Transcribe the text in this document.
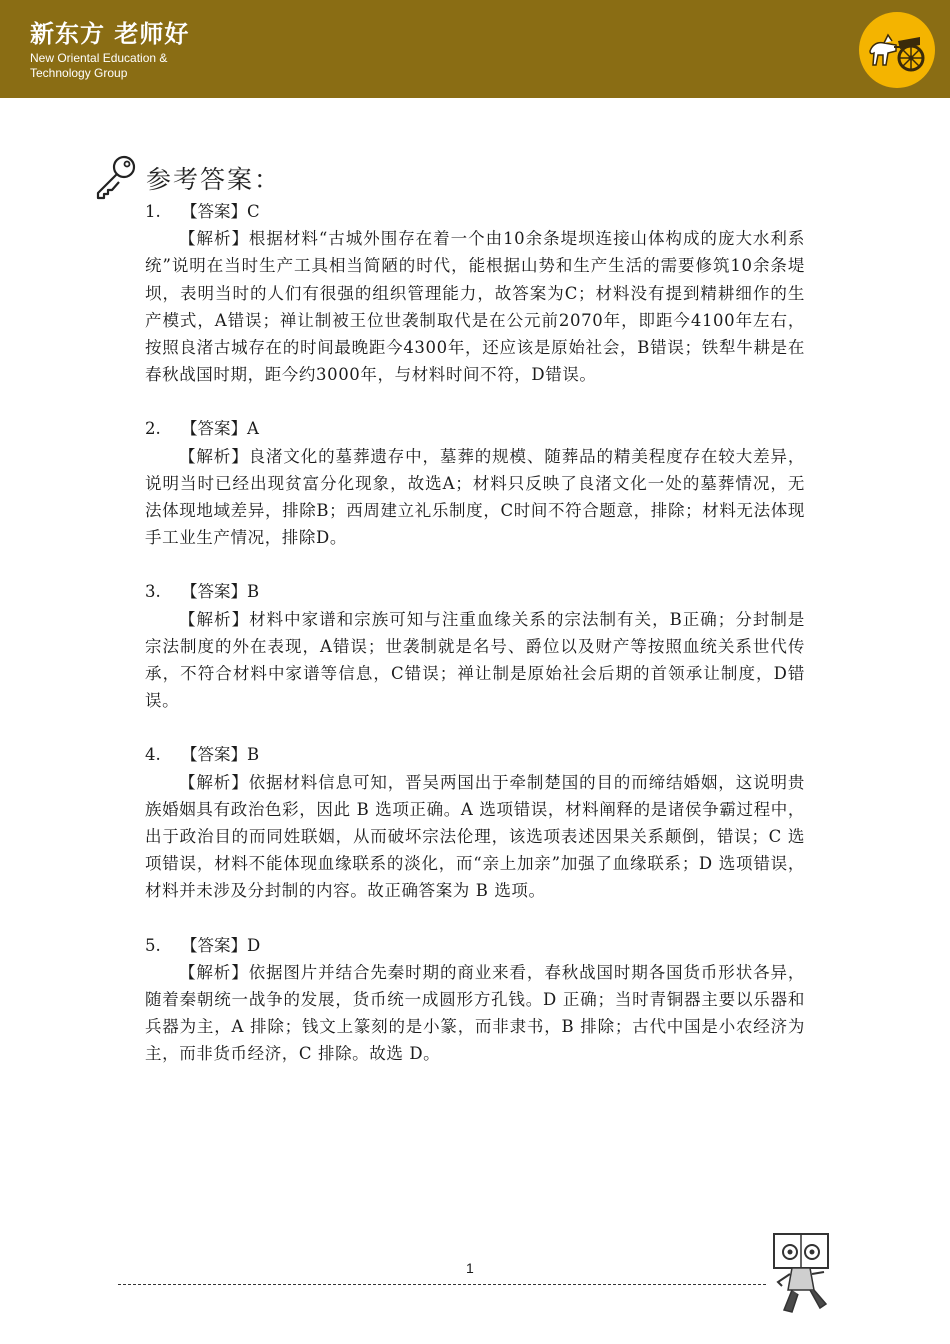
新东方 老师好
New Oriental Education &
Technology Group
参考答案：
1. 【答案】C
【解析】根据材料“古城外围存在着一个由10余条堤坝连接山体构成的庞大水利系统”说明在当时生产工具相当简陋的时代，能根据山势和生产生活的需要修筑10余条堤坝，表明当时的人们有很强的组织管理能力，故答案为C；材料没有提到精耕细作的生产模式，A错误；禅让制被王位世袭制取代是在公元前2070年，即距今4100年左右，按照良渚古城存在的时间最晚距今4300年，还应该是原始社会，B错误；铁犁牛耕是在春秋战国时期，距今约3000年，与材料时间不符，D错误。
2. 【答案】A
【解析】良渚文化的墓葬遗存中，墓葬的规模、随葬品的精美程度存在较大差异，说明当时已经出现贫富分化现象，故选A；材料只反映了良渚文化一处的墓葬情况，无法体现地域差异，排除B；西周建立礼乐制度，C时间不符合题意，排除；材料无法体现手工业生产情况，排除D。
3. 【答案】B
【解析】材料中家谱和宗族可知与注重血缘关系的宗法制有关，B正确；分封制是宗法制度的外在表现，A错误；世袭制就是名号、爵位以及财产等按照血统关系世代传承，不符合材料中家谱等信息，C错误；禅让制是原始社会后期的首领承让制度，D错误。
4. 【答案】B
【解析】依据材料信息可知，晋吴两国出于牵制楚国的目的而缔结婚姻，这说明贵族婚姻具有政治色彩，因此 B 选项正确。A 选项错误，材料阐释的是诸侯争霸过程中，出于政治目的而同姓联姻，从而破坏宗法伦理，该选项表述因果关系颠倒，错误；C 选项错误，材料不能体现血缘联系的淡化，而“亲上加亲”加强了血缘联系；D 选项错误，材料并未涉及分封制的内容。故正确答案为 B 选项。
5. 【答案】D
【解析】依据图片并结合先秦时期的商业来看，春秋战国时期各国货币形状各异，随着秦朝统一战争的发展，货币统一成圆形方孔钱。D 正确；当时青铜器主要以乐器和兵器为主，A 排除；钱文上篆刻的是小篆，而非隶书，B 排除；古代中国是小农经济为主，而非货币经济，C 排除。故选 D。
1
